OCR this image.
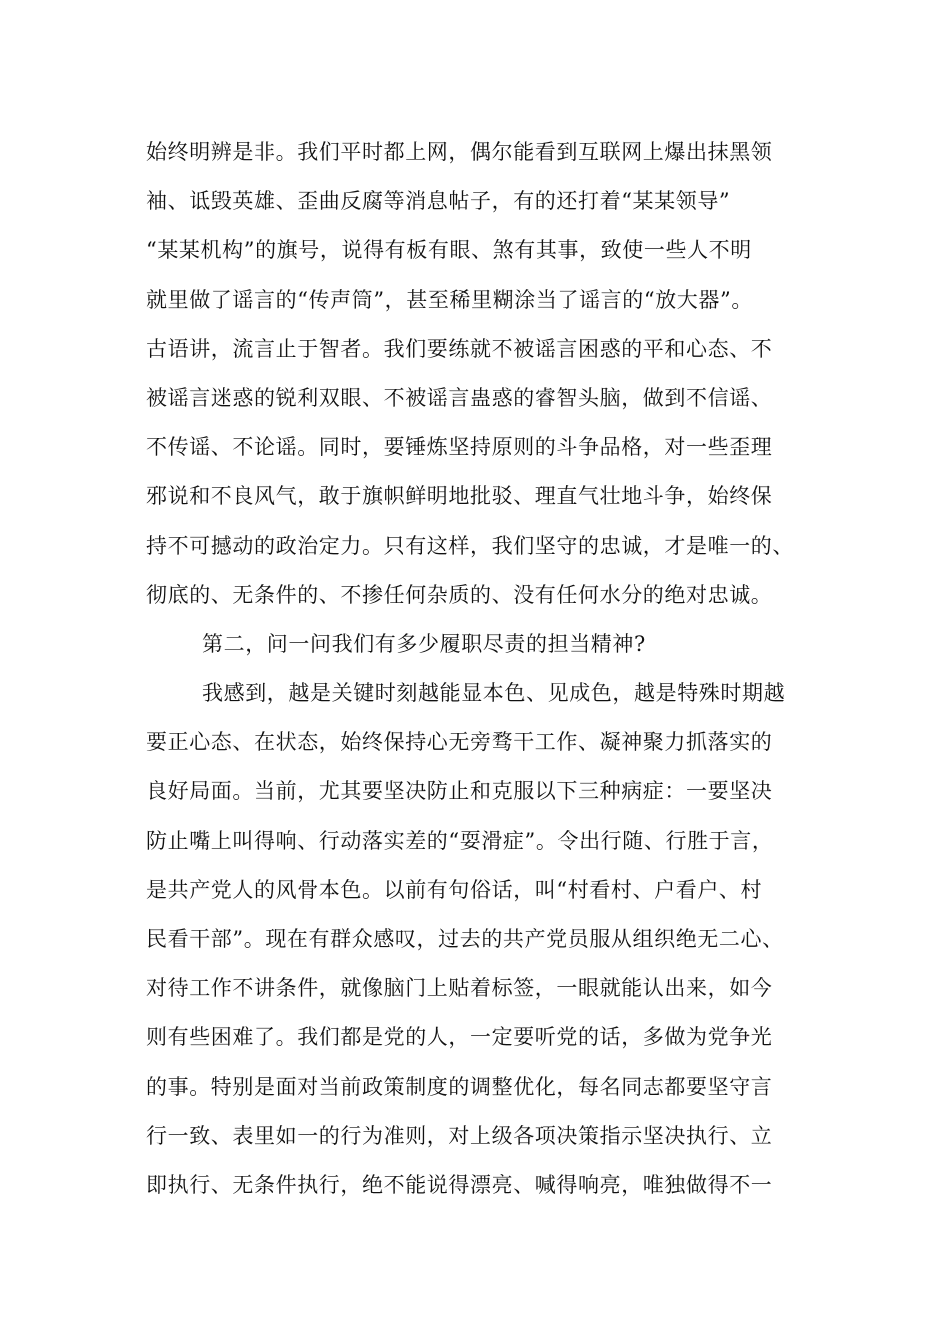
始终明辨是非。我们平时都上网，偶尔能看到互联网上爆出抹黑领
袖、诋毁英雄、歪曲反腐等消息帖子，有的还打着“某某领导”
“某某机构”的旗号，说得有板有眼、煞有其事，致使一些人不明
就里做了谣言的“传声筒”，甚至稀里糊涂当了谣言的“放大器”。
古语讲，流言止于智者。我们要练就不被谣言困惑的平和心态、不
被谣言迷惑的锐利双眼、不被谣言蛊惑的睿智头脑，做到不信谣、
不传谣、不论谣。同时，要锤炼坚持原则的斗争品格，对一些歪理
邪说和不良风气，敢于旗帜鲜明地批驳、理直气壮地斗争，始终保
持不可撼动的政治定力。只有这样，我们坚守的忠诚，才是唯一的、
彻底的、无条件的、不掺任何杂质的、没有任何水分的绝对忠诚。
第二，问一问我们有多少履职尽责的担当精神?
我感到，越是关键时刻越能显本色、见成色，越是特殊时期越
要正心态、在状态，始终保持心无旁骛干工作、凝神聚力抓落实的
良好局面。当前，尤其要坚决防止和克服以下三种病症：一要坚决
防止嘴上叫得响、行动落实差的“耍滑症”。令出行随、行胜于言，
是共产党人的风骨本色。以前有句俗话，叫“村看村、户看户、村
民看干部”。现在有群众感叹，过去的共产党员服从组织绝无二心、
对待工作不讲条件，就像脑门上贴着标签，一眼就能认出来，如今
则有些困难了。我们都是党的人，一定要听党的话，多做为党争光
的事。特别是面对当前政策制度的调整优化，每名同志都要坚守言
行一致、表里如一的行为准则，对上级各项决策指示坚决执行、立
即执行、无条件执行，绝不能说得漂亮、喊得响亮，唯独做得不一
